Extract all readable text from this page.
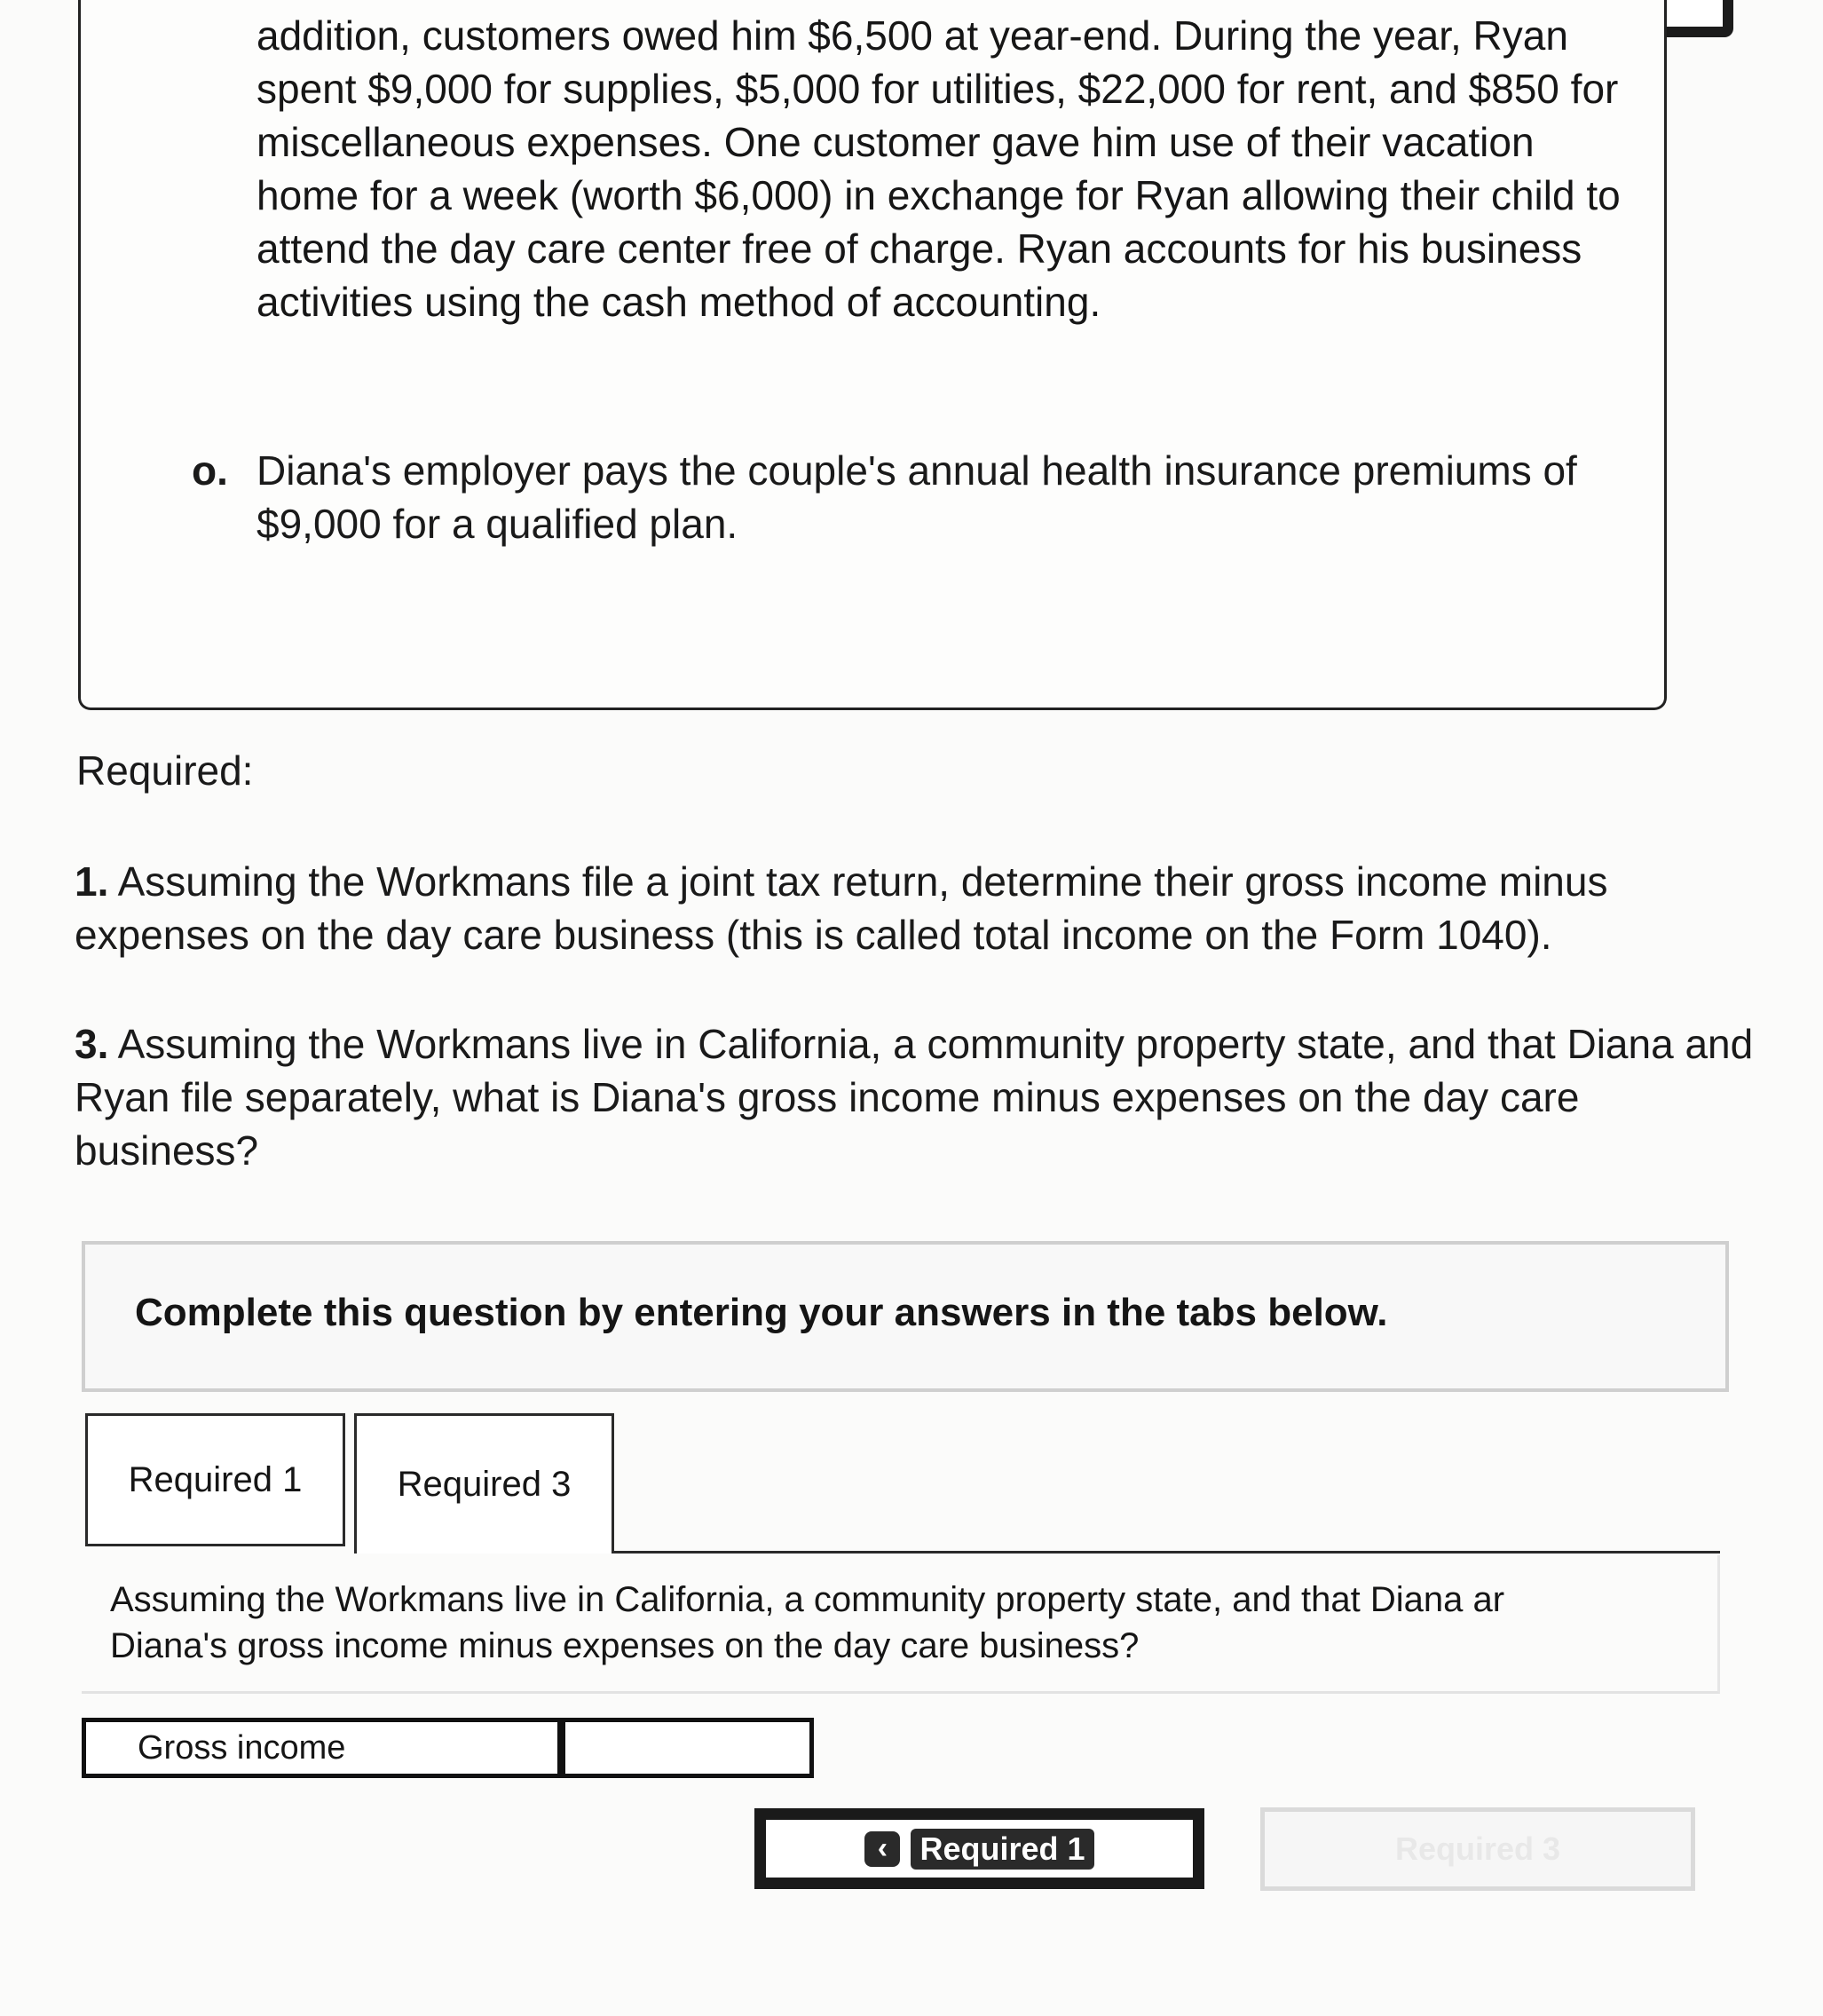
addition, customers owed him $6,500 at year-end. During the year, Ryan spent $9,000 for supplies, $5,000 for utilities, $22,000 for rent, and $850 for miscellaneous expenses. One customer gave him use of their vacation home for a week (worth $6,000) in exchange for Ryan allowing their child to attend the day care center free of charge. Ryan accounts for his business activities using the cash method of accounting.
o. Diana's employer pays the couple's annual health insurance premiums of $9,000 for a qualified plan.
Required:
1. Assuming the Workmans file a joint tax return, determine their gross income minus expenses on the day care business (this is called total income on the Form 1040).
3. Assuming the Workmans live in California, a community property state, and that Diana and Ryan file separately, what is Diana's gross income minus expenses on the day care business?
Complete this question by entering your answers in the tabs below.
Required 1	Required 3
Assuming the Workmans live in California, a community property state, and that Diana ar
Diana's gross income minus expenses on the day care business?
Gross income
‹	Required 1	Required 3
